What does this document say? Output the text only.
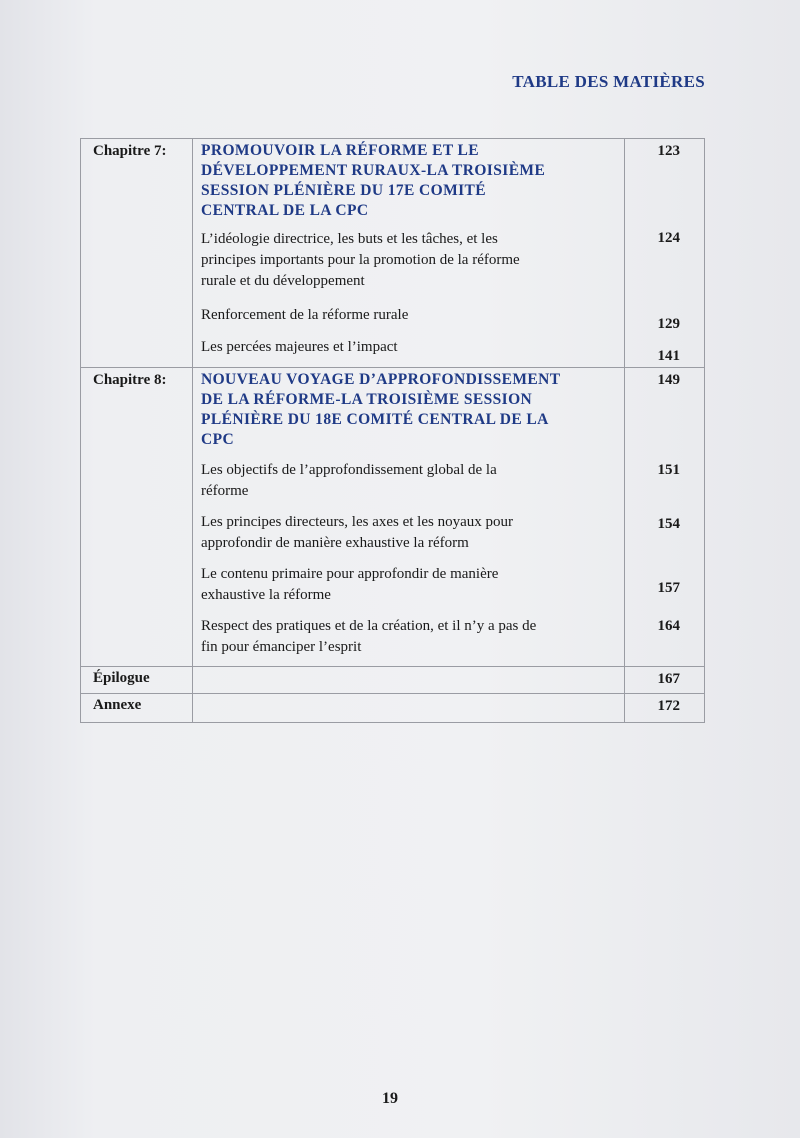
TABLE DES MATIÈRES
Chapitre 7:	PROMOUVOIR LA RÉFORME ET LE
DÉVELOPPEMENT RURAUX-LA TROISIÈME
SESSION PLÉNIÈRE DU 17E COMITÉ
CENTRAL DE LA CPC	123

	L’idéologie directrice, les buts et les tâches, et les
principes importants pour la promotion de la réforme
rurale et du développement	124

	Renforcement de la réforme rurale	129

	Les percées majeures et l’impact	141

Chapitre 8:	NOUVEAU VOYAGE D’APPROFONDISSEMENT
DE LA RÉFORME-LA TROISIÈME SESSION
PLÉNIÈRE DU 18E COMITÉ CENTRAL DE LA
CPC	149

	Les objectifs de l’approfondissement global de la
réforme	151

	Les principes directeurs, les axes et les noyaux pour
approfondir de manière exhaustive la réform	154

	Le contenu primaire pour approfondir de manière
exhaustive la réforme	157

	Respect des pratiques et de la création, et il n’y a pas de
fin pour émanciper l’esprit	164

Épilogue		167

Annexe		172
19
